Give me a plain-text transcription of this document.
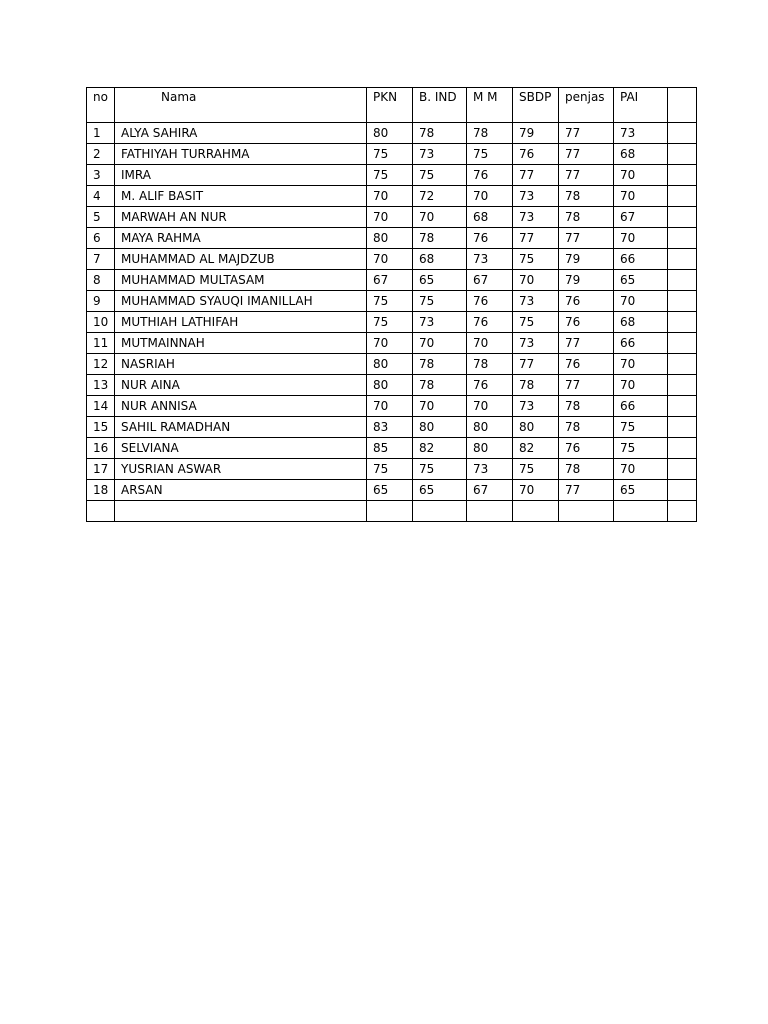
no	Nama	PKN	B. IND	M M	SBDP	penjas	PAI	
1	ALYA SAHIRA	80	78	78	79	77	73	
2	FATHIYAH TURRAHMA	75	73	75	76	77	68	
3	IMRA	75	75	76	77	77	70	
4	M. ALIF BASIT	70	72	70	73	78	70	
5	MARWAH AN NUR	70	70	68	73	78	67	
6	MAYA RAHMA	80	78	76	77	77	70	
7	MUHAMMAD AL MAJDZUB	70	68	73	75	79	66	
8	MUHAMMAD MULTASAM	67	65	67	70	79	65	
9	MUHAMMAD SYAUQI IMANILLAH	75	75	76	73	76	70	
10	MUTHIAH LATHIFAH	75	73	76	75	76	68	
11	MUTMAINNAH	70	70	70	73	77	66	
12	NASRIAH	80	78	78	77	76	70	
13	NUR AINA	80	78	76	78	77	70	
14	NUR ANNISA	70	70	70	73	78	66	
15	SAHIL RAMADHAN	83	80	80	80	78	75	
16	SELVIANA	85	82	80	82	76	75	
17	YUSRIAN ASWAR	75	75	73	75	78	70	
18	ARSAN	65	65	67	70	77	65	
